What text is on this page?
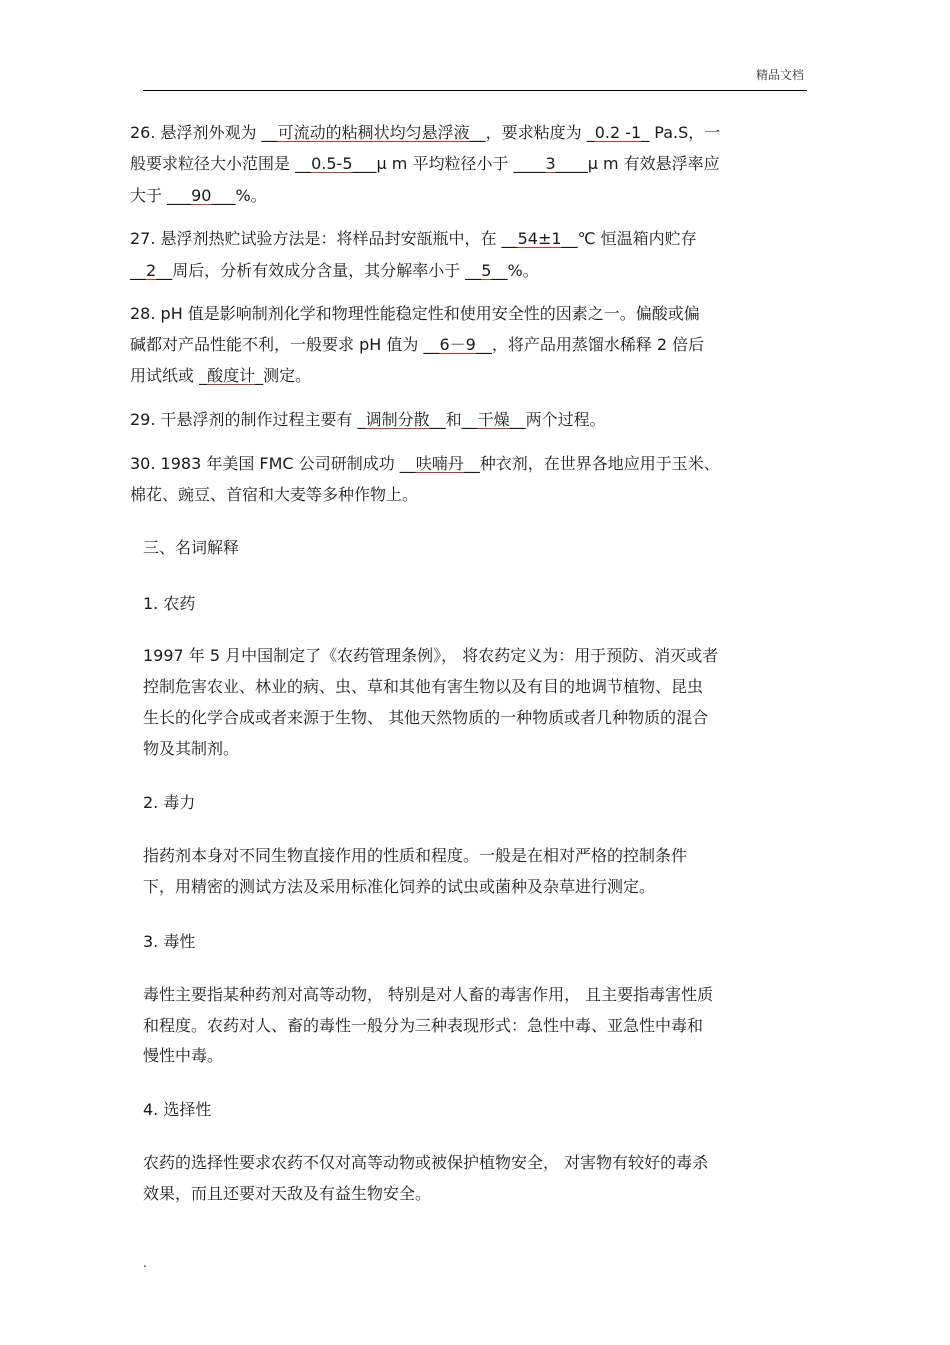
精品文档
26. 悬浮剂外观为 __可流动的粘稠状均匀悬浮液__，要求粘度为 _0.2 -1_ Pa.S，一
般要求粒径大小范围是 __0.5-5___μ m 平均粒径小于 ____3____μ m 有效悬浮率应
大于 ___90___%。
27. 悬浮剂热贮试验方法是：将样品封安瓿瓶中，在 __54±1__℃ 恒温箱内贮存
__2__周后，分析有效成分含量，其分解率小于 __5__%。
28. pH 值是影响制剂化学和物理性能稳定性和使用安全性的因素之一。偏酸或偏
碱都对产品性能不利，一般要求 pH 值为 __6－9__，将产品用蒸馏水稀释 2 倍后
用试纸或 _酸度计_测定。
29. 干悬浮剂的制作过程主要有 _调制分散__和__干燥__两个过程。
30. 1983 年美国 FMC 公司研制成功 __呋喃丹__种衣剂，在世界各地应用于玉米、
棉花、豌豆、首宿和大麦等多种作物上。
三、名词解释
1. 农药
1997 年 5 月中国制定了《农药管理条例》， 将农药定义为：用于预防、消灭或者
控制危害农业、林业的病、虫、草和其他有害生物以及有目的地调节植物、昆虫
生长的化学合成或者来源于生物、 其他天然物质的一种物质或者几种物质的混合
物及其制剂。
2. 毒力
指药剂本身对不同生物直接作用的性质和程度。一般是在相对严格的控制条件
下，用精密的测试方法及采用标准化饲养的试虫或菌种及杂草进行测定。
3. 毒性
毒性主要指某种药剂对高等动物， 特别是对人畜的毒害作用， 且主要指毒害性质
和程度。农药对人、畜的毒性一般分为三种表现形式：急性中毒、亚急性中毒和
慢性中毒。
4. 选择性
农药的选择性要求农药不仅对高等动物或被保护植物安全， 对害物有较好的毒杀
效果，而且还要对天敌及有益生物安全。
.
